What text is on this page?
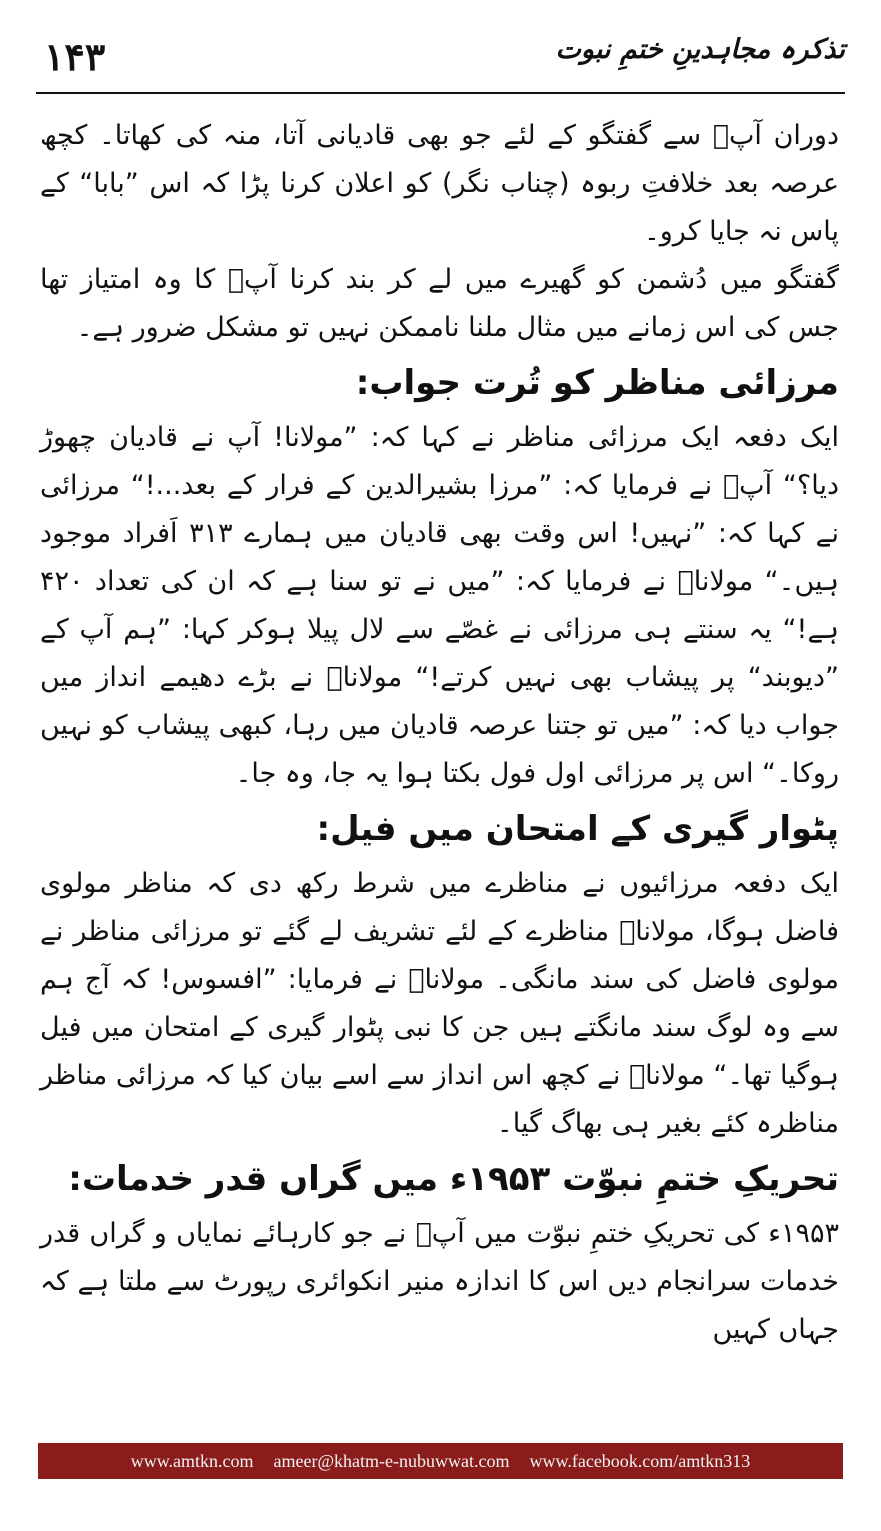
۱۴۳	تذکرہ مجاہدینِ ختمِ نبوت

دوران آپؒ سے گفتگو کے لئے جو بھی قادیانی آتا، منہ کی کھاتا۔ کچھ عرصہ بعد خلافتِ ربوہ (چناب نگر) کو اعلان کرنا پڑا کہ اس ”بابا“ کے پاس نہ جایا کرو۔

گفتگو میں دُشمن کو گھیرے میں لے کر بند کرنا آپؒ کا وہ امتیاز تھا جس کی اس زمانے میں مثال ملنا ناممکن نہیں تو مشکل ضرور ہے۔

مرزائی مناظر کو تُرت جواب:

ایک دفعہ ایک مرزائی مناظر نے کہا کہ: ”مولانا! آپ نے قادیان چھوڑ دیا؟“ آپؒ نے فرمایا کہ: ”مرزا بشیرالدین کے فرار کے بعد...!“ مرزائی نے کہا کہ: ”نہیں! اس وقت بھی قادیان میں ہمارے ۳۱۳ اَفراد موجود ہیں۔“ مولاناؒ نے فرمایا کہ: ”میں نے تو سنا ہے کہ ان کی تعداد ۴۲۰ ہے!“ یہ سنتے ہی مرزائی نے غصّے سے لال پیلا ہوکر کہا: ”ہم آپ کے ”دیوبند“ پر پیشاب بھی نہیں کرتے!“ مولاناؒ نے بڑے دھیمے انداز میں جواب دیا کہ: ”میں تو جتنا عرصہ قادیان میں رہا، کبھی پیشاب کو نہیں روکا۔“ اس پر مرزائی اول فول بکتا ہوا یہ جا، وہ جا۔

پٹوار گیری کے امتحان میں فیل:

ایک دفعہ مرزائیوں نے مناظرے میں شرط رکھ دی کہ مناظر مولوی فاضل ہوگا، مولاناؒ مناظرے کے لئے تشریف لے گئے تو مرزائی مناظر نے مولوی فاضل کی سند مانگی۔ مولاناؒ نے فرمایا: ”افسوس! کہ آج ہم سے وہ لوگ سند مانگتے ہیں جن کا نبی پٹوار گیری کے امتحان میں فیل ہوگیا تھا۔“ مولاناؒ نے کچھ اس انداز سے اسے بیان کیا کہ مرزائی مناظر مناظرہ کئے بغیر ہی بھاگ گیا۔

تحریکِ ختمِ نبوّت ۱۹۵۳ء میں گراں قدر خدمات:

۱۹۵۳ء کی تحریکِ ختمِ نبوّت میں آپؒ نے جو کارہائے نمایاں و گراں قدر خدمات سرانجام دیں اس کا اندازہ منیر انکوائری رپورٹ سے ملتا ہے کہ جہاں کہیں

www.amtkn.com ameer@khatm-e-nubuwwat.com www.facebook.com/amtkn313
